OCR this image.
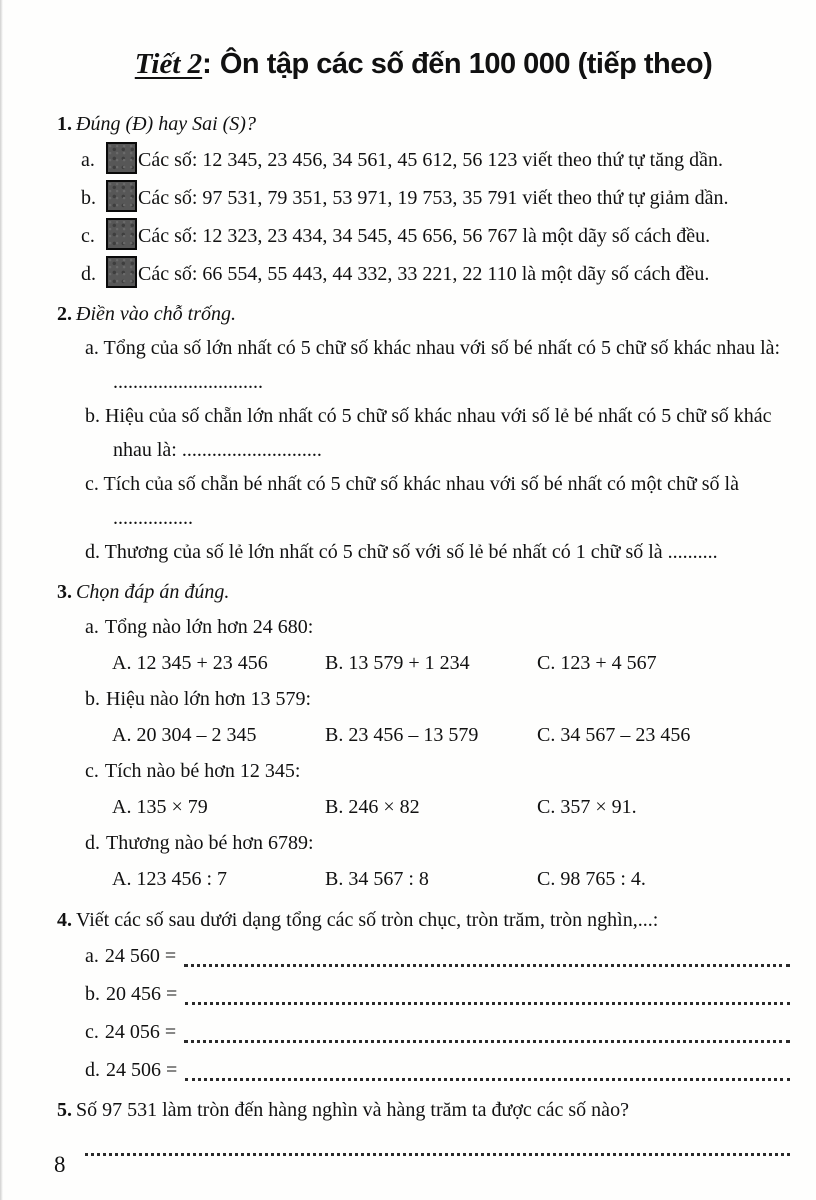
Tiết 2: Ôn tập các số đến 100 000 (tiếp theo)
1. Đúng (Đ) hay Sai (S)?
a. Các số: 12 345, 23 456, 34 561, 45 612, 56 123 viết theo thứ tự tăng dần.
b. Các số: 97 531, 79 351, 53 971, 19 753, 35 791 viết theo thứ tự giảm dần.
c. Các số: 12 323, 23 434, 34 545, 45 656, 56 767 là một dãy số cách đều.
d. Các số: 66 554, 55 443, 44 332, 33 221, 22 110 là một dãy số cách đều.
2. Điền vào chỗ trống.

a. Tổng của số lớn nhất có 5 chữ số khác nhau với số bé nhất có 5 chữ số khác nhau là: ..............................

b. Hiệu của số chẵn lớn nhất có 5 chữ số khác nhau với số lẻ bé nhất có 5 chữ số khác nhau là: ............................

c. Tích của số chẵn bé nhất có 5 chữ số khác nhau với số bé nhất có một chữ số là ................

d. Thương của số lẻ lớn nhất có 5 chữ số với số lẻ bé nhất có 1 chữ số là ..........

3. Chọn đáp án đúng.
a. Tổng nào lớn hơn 24 680:
A. 12 345 + 23 456	B. 13 579 + 1 234	C. 123 + 4 567
b. Hiệu nào lớn hơn 13 579:
A. 20 304 – 2 345	B. 23 456 – 13 579	C. 34 567 – 23 456
c. Tích nào bé hơn 12 345:
A. 135 × 79	B. 246 × 82	C. 357 × 91.
d. Thương nào bé hơn 6789:
A. 123 456 : 7	B. 34 567 : 8	C. 98 765 : 4.
4. Viết các số sau dưới dạng tổng các số tròn chục, tròn trăm, tròn nghìn,...:
a. 24 560 =
b. 20 456 =
c. 24 056 =
d. 24 506 =
5. Số 97 531 làm tròn đến hàng nghìn và hàng trăm ta được các số nào?
8
